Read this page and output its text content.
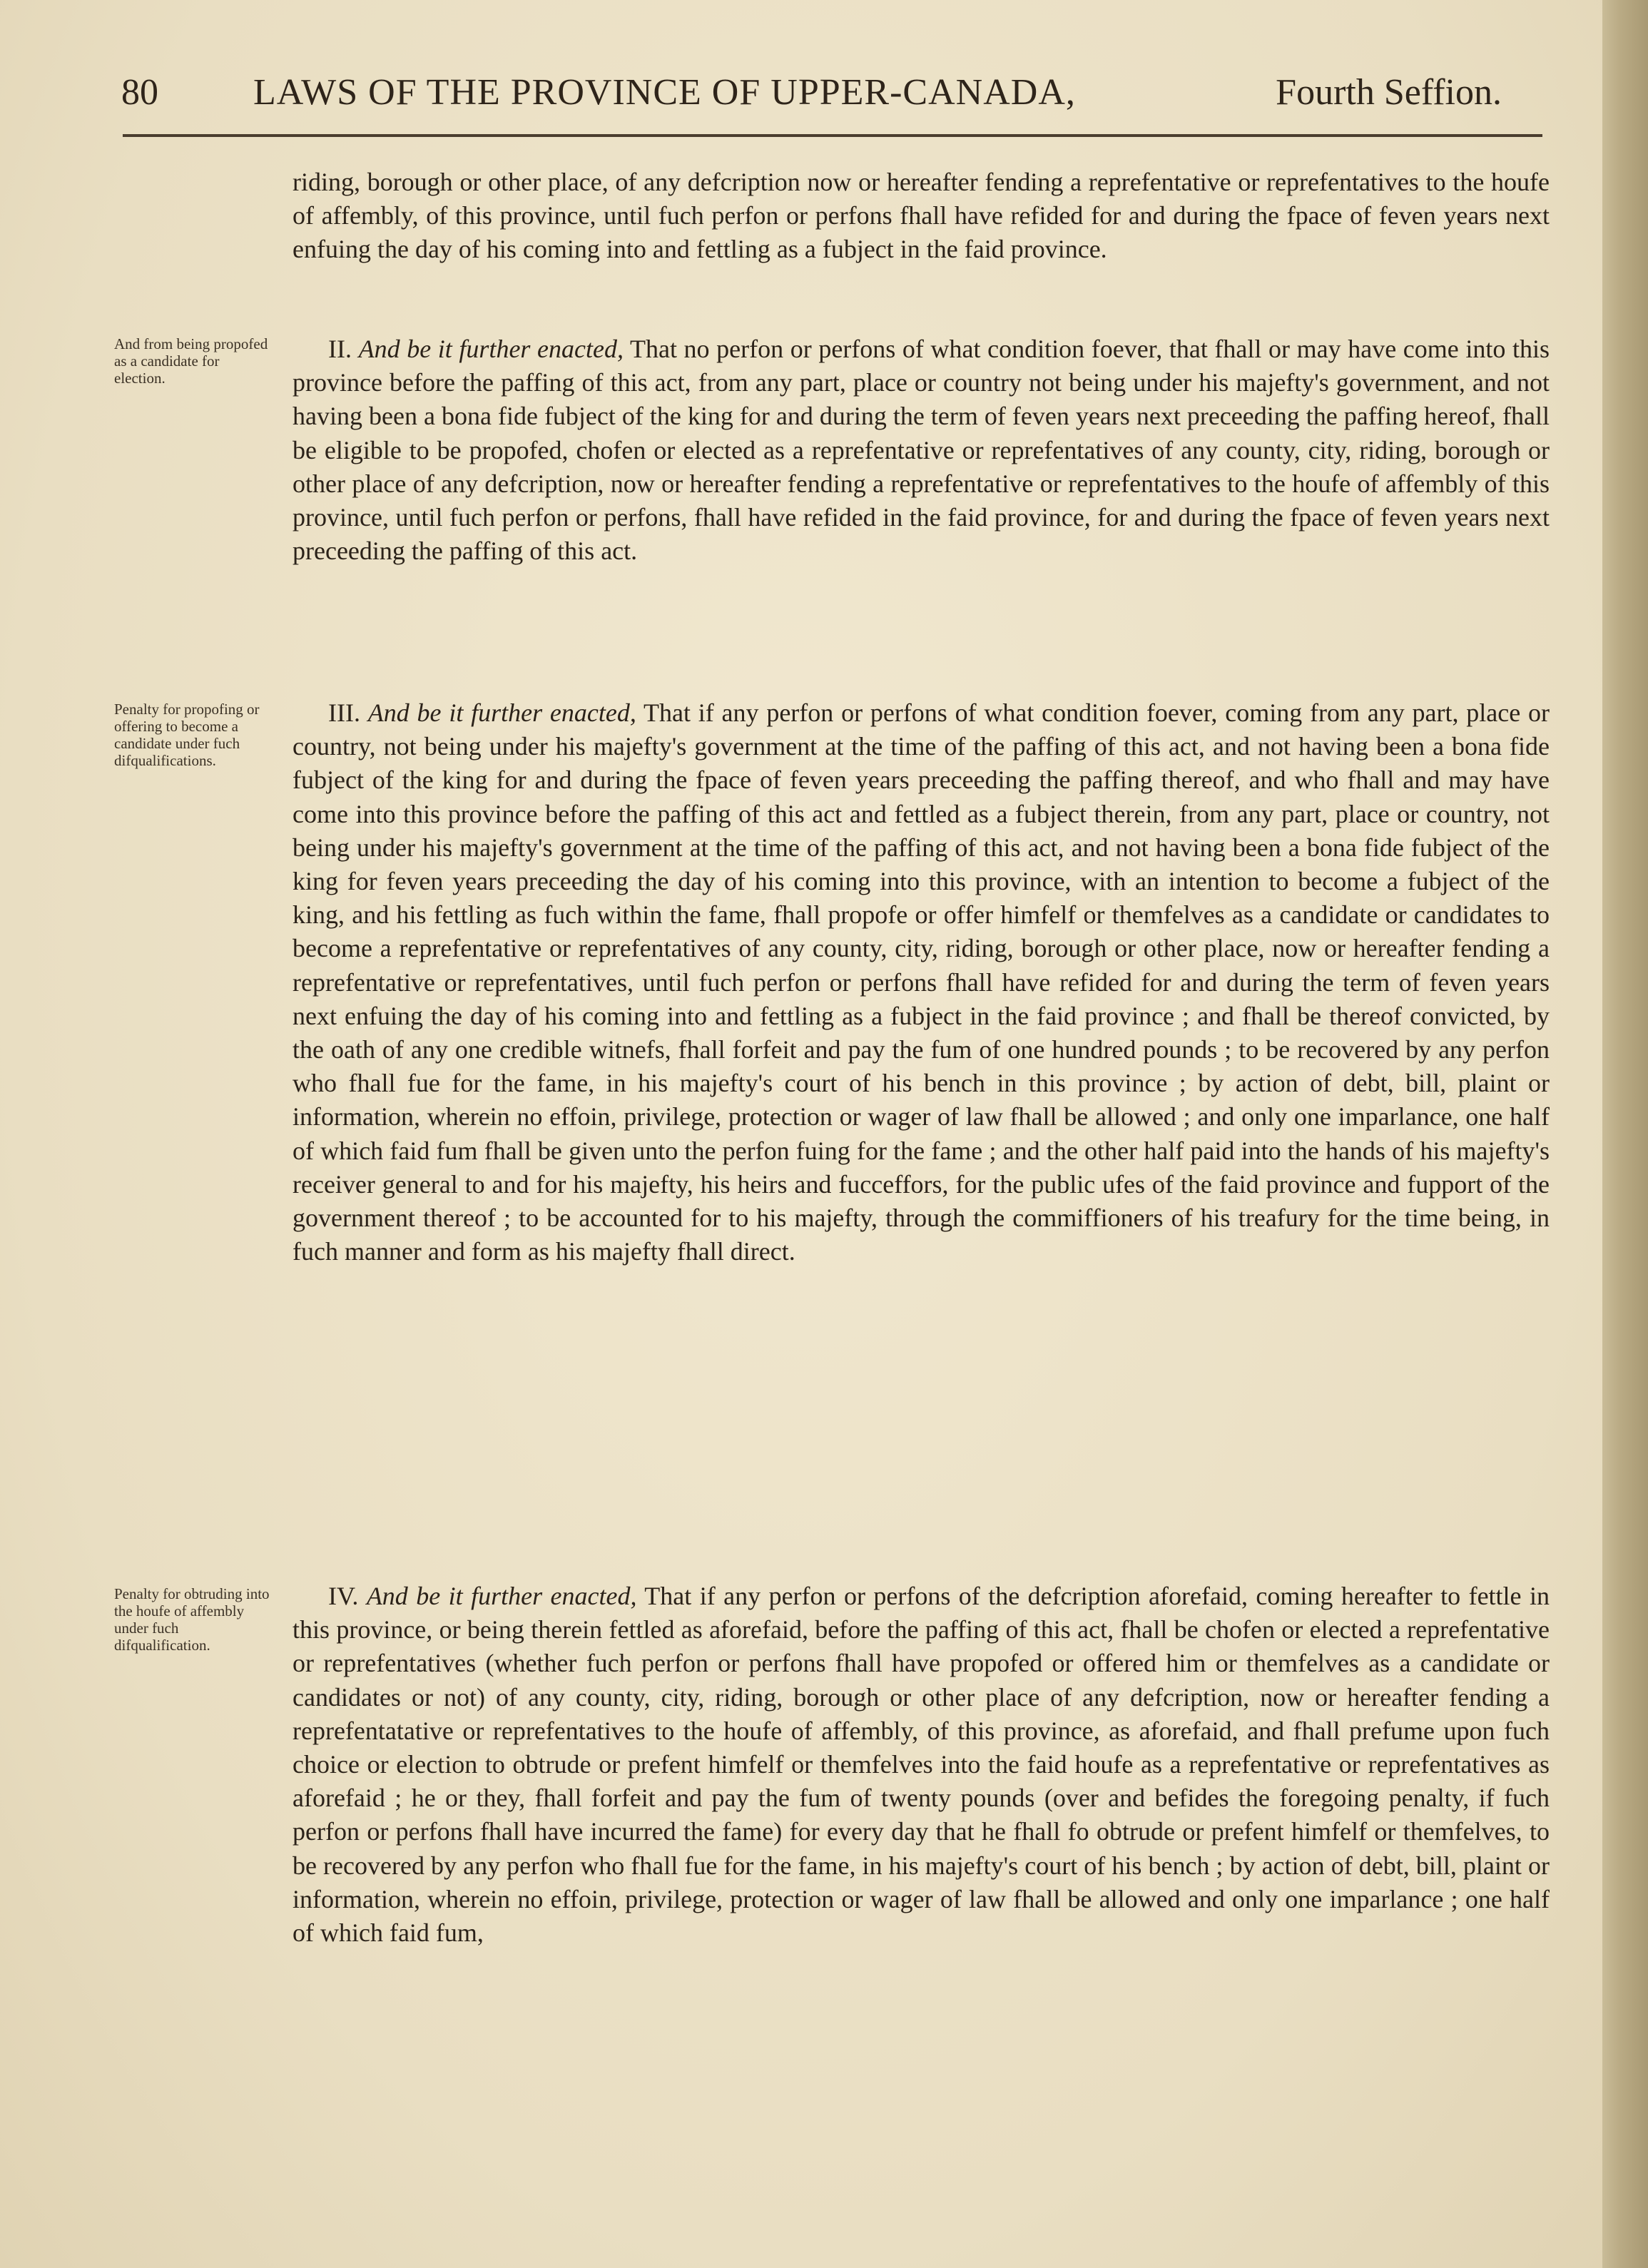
80	LAWS OF THE PROVINCE OF UPPER-CANADA,	Fourth Seffion.

riding, borough or other place, of any defcription now or hereafter fending a reprefentative or reprefentatives to the houfe of affembly, of this province, until fuch perfon or perfons fhall have refided for and during the fpace of feven years next enfuing the day of his coming into and fettling as a fubject in the faid province.

And from being propofed as a candidate for election.

II. And be it further enacted, That no perfon or perfons of what condition foever, that fhall or may have come into this province before the paffing of this act, from any part, place or country not being under his majefty's government, and not having been a bona fide fubject of the king for and during the term of feven years next preceeding the paffing hereof, fhall be eligible to be propofed, chofen or elected as a reprefentative or reprefentatives of any county, city, riding, borough or other place of any defcription, now or hereafter fending a reprefentative or reprefentatives to the houfe of affembly of this province, until fuch perfon or perfons, fhall have refided in the faid province, for and during the fpace of feven years next preceeding the paffing of this act.

Penalty for propofing or offering to become a candidate under fuch difqualifications.

III. And be it further enacted, That if any perfon or perfons of what condition foever, coming from any part, place or country, not being under his majefty's government at the time of the paffing of this act, and not having been a bona fide fubject of the king for and during the fpace of feven years preceeding the paffing thereof, and who fhall and may have come into this province before the paffing of this act and fettled as a fubject therein, from any part, place or country, not being under his majefty's government at the time of the paffing of this act, and not having been a bona fide fubject of the king for feven years preceeding the day of his coming into this province, with an intention to become a fubject of the king, and his fettling as fuch within the fame, fhall propofe or offer himfelf or themfelves as a candidate or candidates to become a reprefentative or reprefentatives of any county, city, riding, borough or other place, now or hereafter fending a reprefentative or reprefentatives, until fuch perfon or perfons fhall have refided for and during the term of feven years next enfuing the day of his coming into and fettling as a fubject in the faid province ; and fhall be thereof convicted, by the oath of any one credible witnefs, fhall forfeit and pay the fum of one hundred pounds ; to be recovered by any perfon who fhall fue for the fame, in his majefty's court of his bench in this province ; by action of debt, bill, plaint or information, wherein no effoin, privilege, protection or wager of law fhall be allowed ; and only one imparlance, one half of which faid fum fhall be given unto the perfon fuing for the fame ; and the other half paid into the hands of his majefty's receiver general to and for his majefty, his heirs and fucceffors, for the public ufes of the faid province and fupport of the government thereof ; to be accounted for to his majefty, through the commiffioners of his treafury for the time being, in fuch manner and form as his majefty fhall direct.

Penalty for obtruding into the houfe of affembly under fuch difqualification.

IV. And be it further enacted, That if any perfon or perfons of the defcription aforefaid, coming hereafter to fettle in this province, or being therein fettled as aforefaid, before the paffing of this act, fhall be chofen or elected a reprefentative or reprefentatives (whether fuch perfon or perfons fhall have propofed or offered him or themfelves as a candidate or candidates or not) of any county, city, riding, borough or other place of any defcription, now or hereafter fending a reprefentatative or reprefentatives to the houfe of affembly, of this province, as aforefaid, and fhall prefume upon fuch choice or election to obtrude or prefent himfelf or themfelves into the faid houfe as a reprefentative or reprefentatives as aforefaid ; he or they, fhall forfeit and pay the fum of twenty pounds (over and befides the foregoing penalty, if fuch perfon or perfons fhall have incurred the fame) for every day that he fhall fo obtrude or prefent himfelf or themfelves, to be recovered by any perfon who fhall fue for the fame, in his majefty's court of his bench ; by action of debt, bill, plaint or information, wherein no effoin, privilege, protection or wager of law fhall be allowed and only one imparlance ; one half of which faid fum,
